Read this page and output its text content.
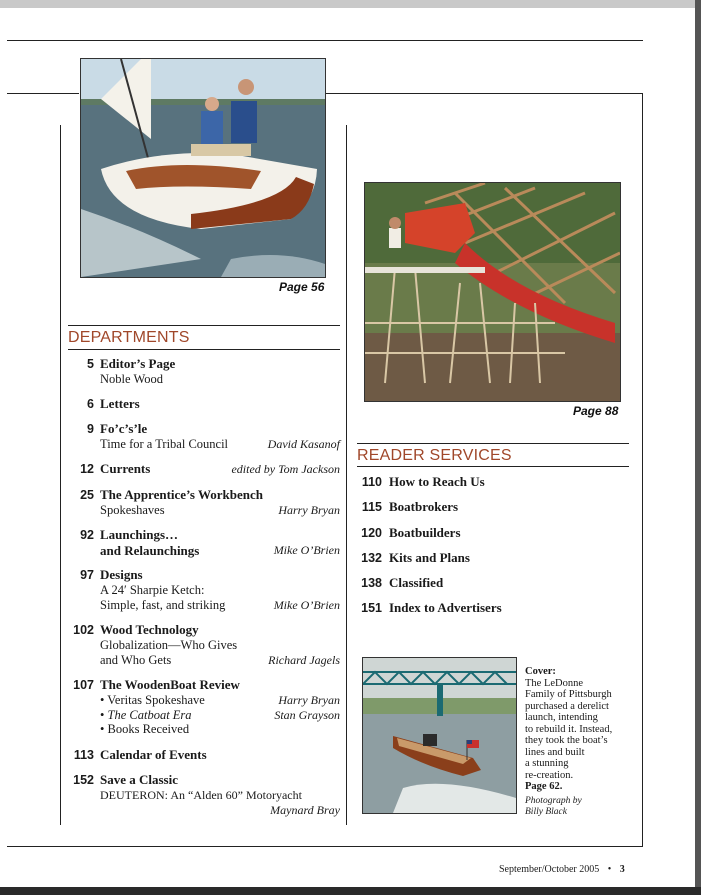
Page 56
Page 88
DEPARTMENTS
5 Editor’s Page
Noble Wood
6 Letters
9 Fo’c’s’le
Time for a Tribal Council	David Kasanof
12 Currents	edited by Tom Jackson
25 The Apprentice’s Workbench
Spokeshaves	Harry Bryan
92 Launchings…
and Relaunchings	Mike O’Brien
97 Designs
A 24′ Sharpie Ketch:
Simple, fast, and striking	Mike O’Brien
102 Wood Technology
Globalization—Who Gives
and Who Gets	Richard Jagels
107 The WoodenBoat Review
• Veritas Spokeshave	Harry Bryan
• The Catboat Era	Stan Grayson
• Books Received
113 Calendar of Events
152 Save a Classic
DEUTERON: An “Alden 60” Motoryacht
Maynard Bray
READER SERVICES
110 How to Reach Us
115 Boatbrokers
120 Boatbuilders
132 Kits and Plans
138 Classified
151 Index to Advertisers
Cover:
The LeDonne
Family of Pittsburgh
purchased a derelict
launch, intending
to rebuild it. Instead,
they took the boat’s
lines and built
a stunning
re-creation.
Page 62.
Photograph by
Billy Black
September/October 2005 • 3
